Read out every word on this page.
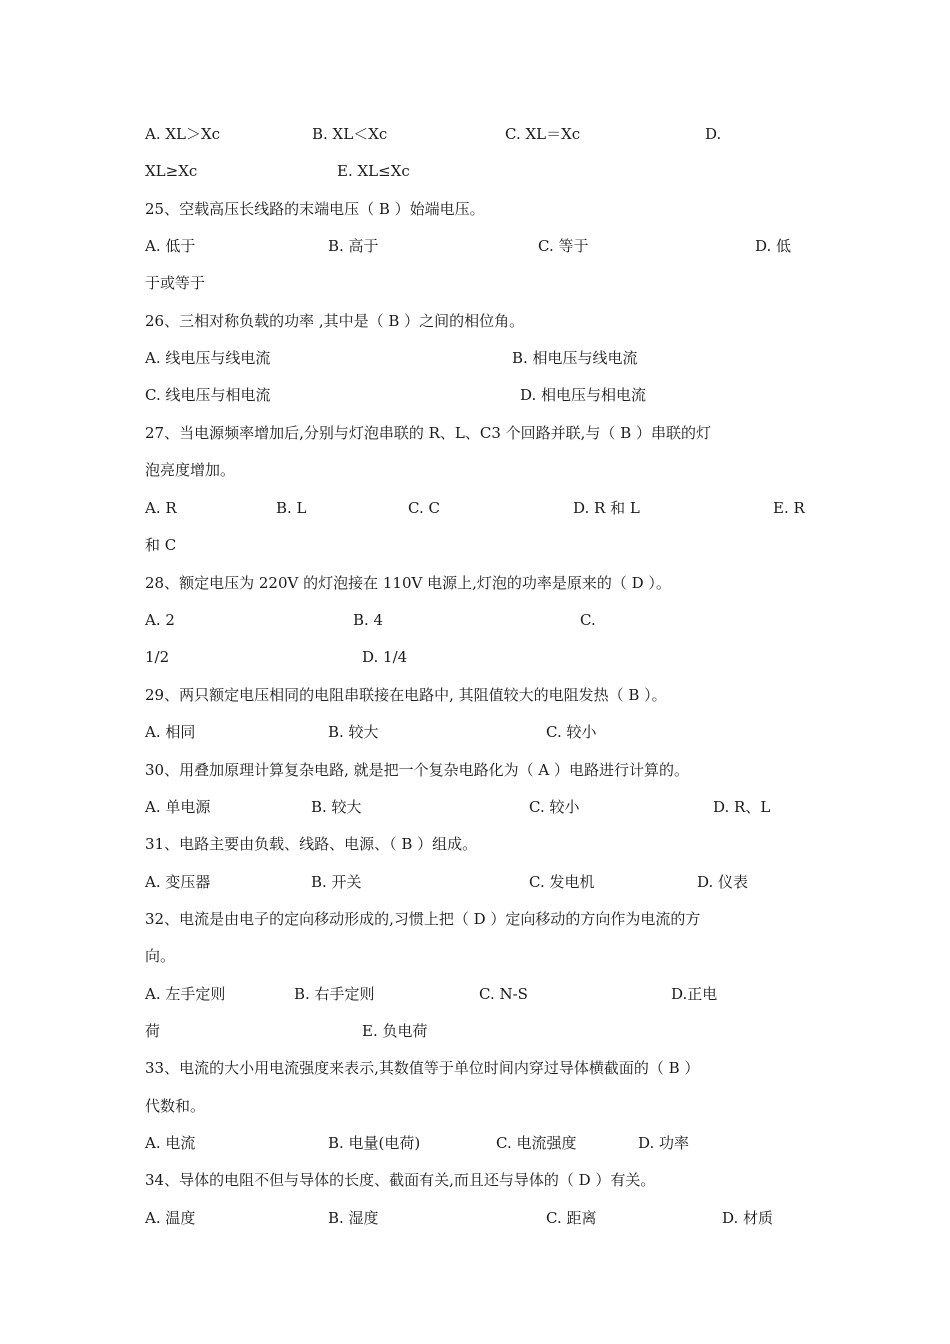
A. XL＞Xc	B. XL＜Xc	C. XL＝Xc	D.
XL≥Xc	E. XL≤Xc
25、空载高压长线路的末端电压（ B ）始端电压。
A. 低于	B. 高于	C. 等于	D. 低
于或等于
26、三相对称负载的功率 ,其中是（ B ）之间的相位角。
A. 线电压与线电流	B. 相电压与线电流
C. 线电压与相电流	D. 相电压与相电流
27、当电源频率增加后,分别与灯泡串联的 R、L、C3 个回路并联,与（ B ）串联的灯
泡亮度增加。
A. R	B. L	C. C	D. R 和 L	E. R
和 C
28、额定电压为 220V 的灯泡接在 110V 电源上,灯泡的功率是原来的（ D ）。
A. 2	B. 4	C.
1/2	D. 1/4
29、两只额定电压相同的电阻串联接在电路中, 其阻值较大的电阻发热（ B ）。
A. 相同	B. 较大	C. 较小
30、用叠加原理计算复杂电路, 就是把一个复杂电路化为（ A ）电路进行计算的。
A. 单电源	B. 较大	C. 较小	D. R、L
31、电路主要由负载、线路、电源、（ B ）组成。
A. 变压器	B. 开关	C. 发电机	D. 仪表
32、电流是由电子的定向移动形成的,习惯上把（ D ）定向移动的方向作为电流的方
向。
A. 左手定则	B. 右手定则	C. N-S	D.正电
荷	E. 负电荷
33、电流的大小用电流强度来表示,其数值等于单位时间内穿过导体横截面的（ B ）
代数和。
A. 电流	B. 电量(电荷)	C. 电流强度	D. 功率
34、导体的电阻不但与导体的长度、截面有关,而且还与导体的（ D ）有关。
A. 温度	B. 湿度	C. 距离	D. 材质
